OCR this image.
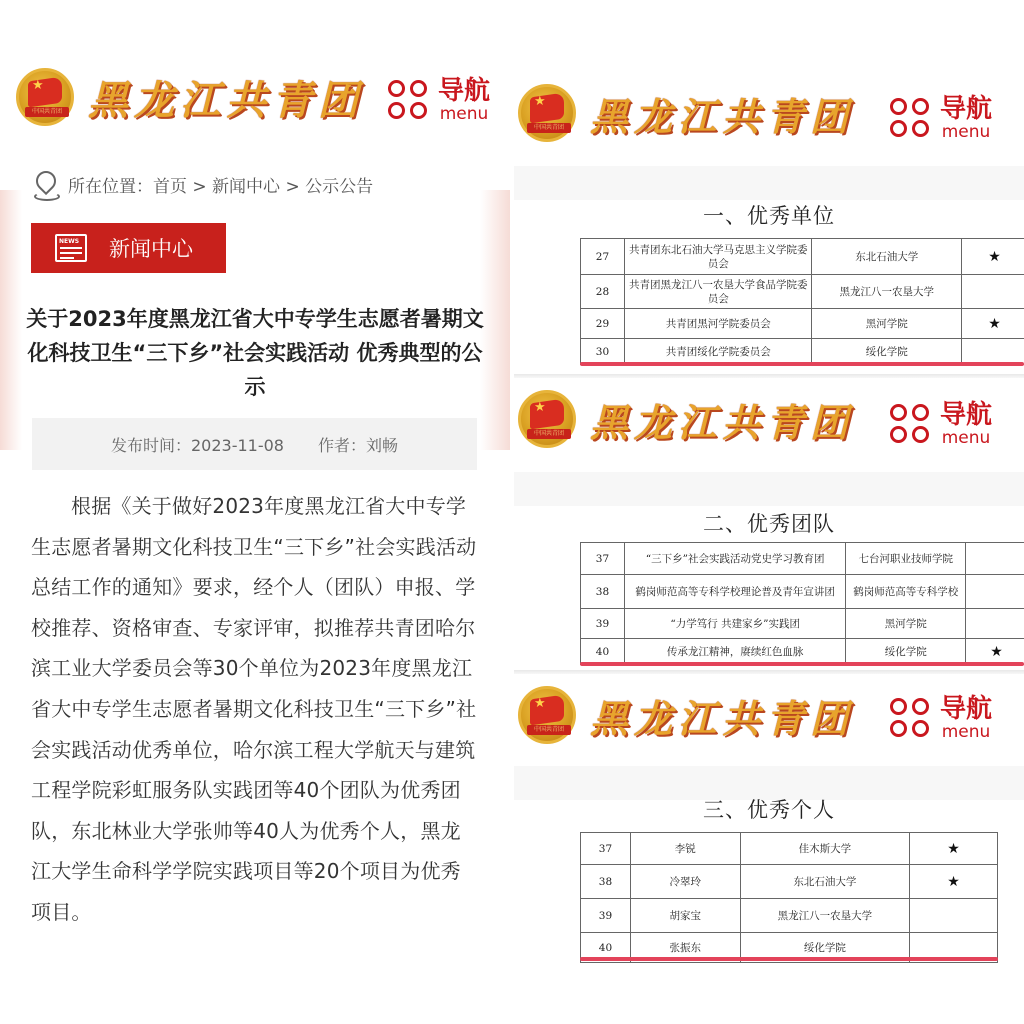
★
中国共青团 黑龙江共青团	导航
menu
所在位置：首页 > 新闻中心 > 公示公告
NEWS 新闻中心
关于2023年度黑龙江省大中专学生志愿者暑期文化科技卫生“三下乡”社会实践活动 优秀典型的公示
发布时间：2023-11-08 作者：刘畅
根据《关于做好2023年度黑龙江省大中专学生志愿者暑期文化科技卫生“三下乡”社会实践活动总结工作的通知》要求，经个人（团队）申报、学校推荐、资格审查、专家评审，拟推荐共青团哈尔滨工业大学委员会等30个单位为2023年度黑龙江省大中专学生志愿者暑期文化科技卫生“三下乡”社会实践活动优秀单位，哈尔滨工程大学航天与建筑工程学院彩虹服务队实践团等40个团队为优秀团队，东北林业大学张帅等40人为优秀个人，黑龙江大学生命科学学院实践项目等20个项目为优秀项目。
★
中国共青团 黑龙江共青团	导航
menu
一、优秀单位
27	共青团东北石油大学马克思主义学院委员会	东北石油大学	★
28	共青团黑龙江八一农垦大学食品学院委员会	黑龙江八一农垦大学	
29	共青团黑河学院委员会	黑河学院	★
30	共青团绥化学院委员会	绥化学院	
★
中国共青团 黑龙江共青团	导航
menu
二、优秀团队
37	“三下乡”社会实践活动党史学习教育团	七台河职业技师学院	
38	鹤岗师范高等专科学校理论普及青年宣讲团	鹤岗师范高等专科学校	
39	“力学笃行 共建家乡”实践团	黑河学院	
40	传承龙江精神，赓续红色血脉	绥化学院	★
★
中国共青团 黑龙江共青团	导航
menu
三、优秀个人
37	李锐	佳木斯大学	★
38	冷翠玲	东北石油大学	★
39	胡家宝	黑龙江八一农垦大学	
40	张振东	绥化学院	
